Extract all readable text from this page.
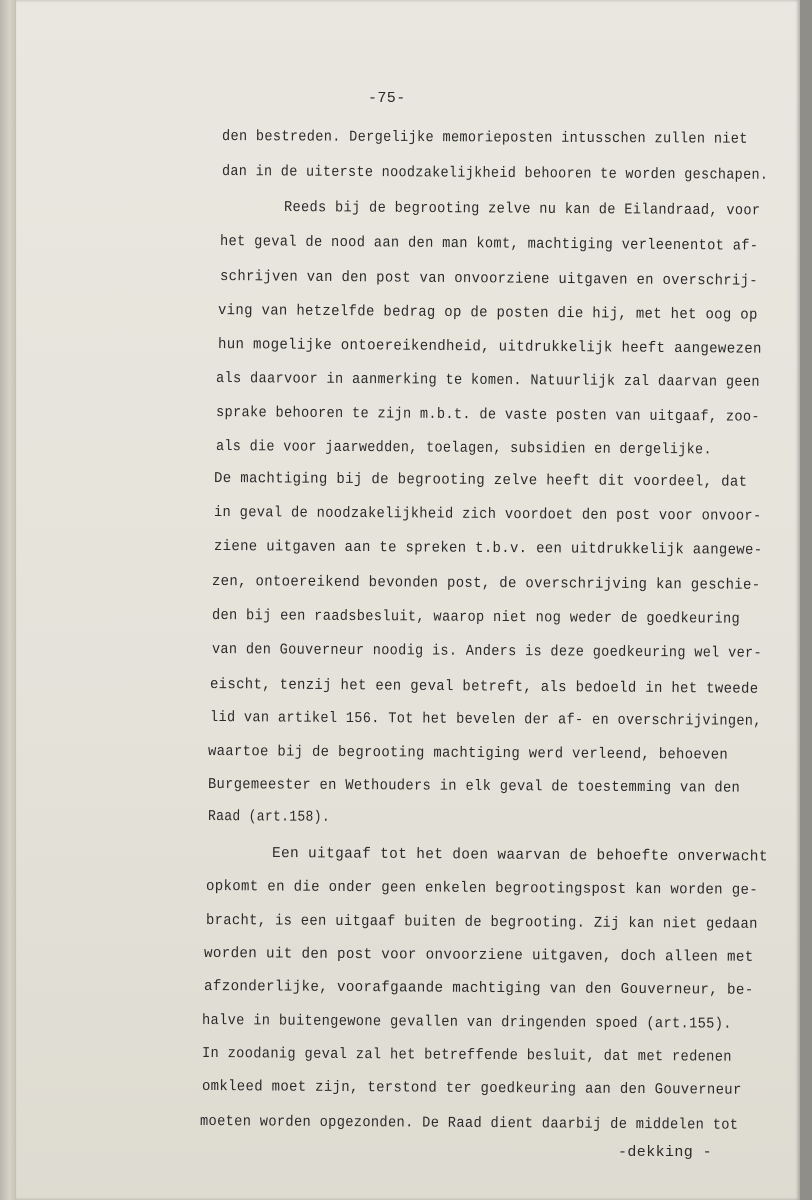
-75-
den bestreden. Dergelijke memorieposten intusschen zullen niet
dan in de uiterste noodzakelijkheid behooren te worden geschapen.
Reeds bij de begrooting zelve nu kan de Eilandraad, voor
het geval de nood aan den man komt, machtiging verleenentot af-
schrijven van den post van onvoorziene uitgaven en overschrij-
ving van hetzelfde bedrag op de posten die hij, met het oog op
hun mogelijke ontoereikendheid, uitdrukkelijk heeft aangewezen
als daarvoor in aanmerking te komen. Natuurlijk zal daarvan geen
sprake behooren te zijn m.b.t. de vaste posten van uitgaaf, zoo-
als die voor jaarwedden, toelagen, subsidien en dergelijke.
De machtiging bij de begrooting zelve heeft dit voordeel, dat
in geval de noodzakelijkheid zich voordoet den post voor onvoor-
ziene uitgaven aan te spreken t.b.v. een uitdrukkelijk aangewe-
zen, ontoereikend bevonden post, de overschrijving kan geschie-
den bij een raadsbesluit, waarop niet nog weder de goedkeuring
van den Gouverneur noodig is. Anders is deze goedkeuring wel ver-
eischt, tenzij het een geval betreft, als bedoeld in het tweede
lid van artikel 156. Tot het bevelen der af- en overschrijvingen,
waartoe bij de begrooting machtiging werd verleend, behoeven
Burgemeester en Wethouders in elk geval de toestemming van den
Raad (art.158).
Een uitgaaf tot het doen waarvan de behoefte onverwacht
opkomt en die onder geen enkelen begrootingspost kan worden ge-
bracht, is een uitgaaf buiten de begrooting. Zij kan niet gedaan
worden uit den post voor onvoorziene uitgaven, doch alleen met
afzonderlijke, voorafgaande machtiging van den Gouverneur, be-
halve in buitengewone gevallen van dringenden spoed (art.155).
In zoodanig geval zal het betreffende besluit, dat met redenen
omkleed moet zijn, terstond ter goedkeuring aan den Gouverneur
moeten worden opgezonden. De Raad dient daarbij de middelen tot
-dekking -
